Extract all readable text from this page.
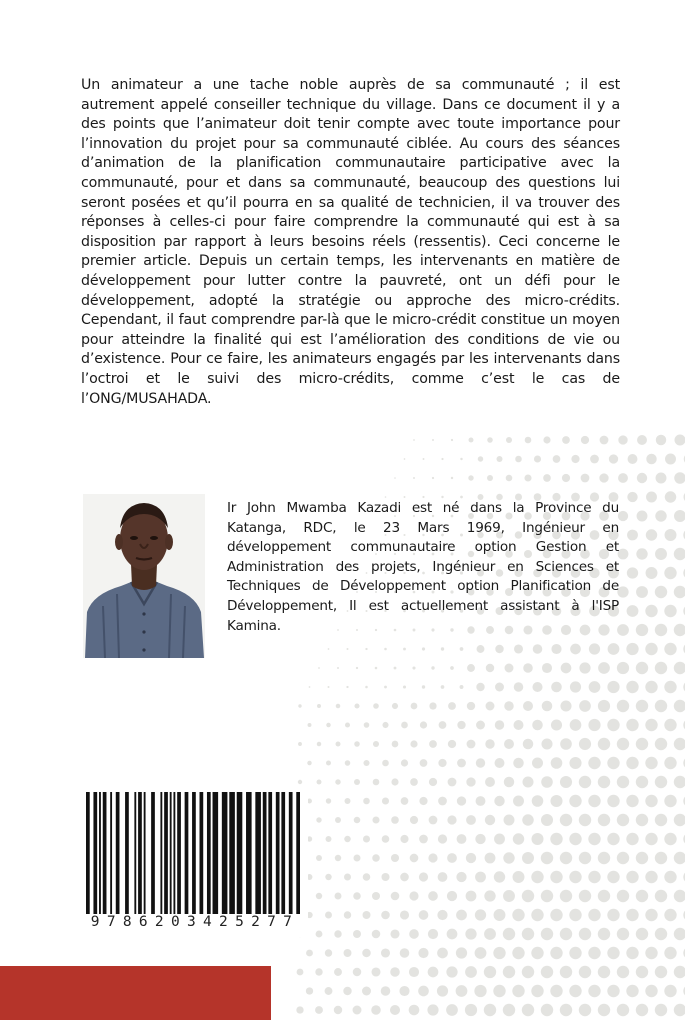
Un animateur a une tache noble auprès de sa communauté ; il est autrement appelé conseiller technique du village. Dans ce document il y a des points que l’animateur doit tenir compte avec toute importance pour l’innovation du projet pour sa communauté ciblée. Au cours des séances d’animation de la planification communautaire participative avec la communauté, pour et dans sa communauté, beaucoup des questions lui seront posées et qu’il pourra en sa qualité de technicien, il va trouver des réponses à celles-ci pour faire comprendre la communauté qui est à sa disposition par rapport à leurs besoins réels (ressentis). Ceci concerne le premier article. Depuis un certain temps, les intervenants en matière de développement pour lutter contre la pauvreté, ont un défi pour le développement, adopté la stratégie ou approche des micro-crédits. Cependant, il faut comprendre par-là que le micro-crédit constitue un moyen pour atteindre la finalité qui est l’amélioration des conditions de vie ou d’existence. Pour ce faire, les animateurs engagés par les intervenants dans l’octroi et le suivi des micro-crédits, comme c’est le cas de l’ONG/MUSAHADA.

Ir John Mwamba Kazadi est né dans la Province du Katanga, RDC, le 23 Mars 1969, Ingénieur en développement communautaire option Gestion et Administration des projets, Ingénieur en Sciences et Techniques de Développement option Planification de Développement, Il est actuellement assistant à l'ISP Kamina.

9786203425277
